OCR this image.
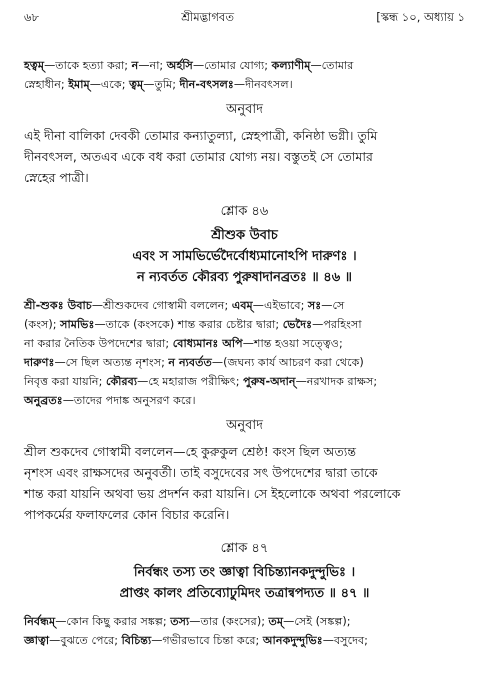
৬৮	শ্রীমদ্ভাগবত	[স্কন্ধ ১০, অধ্যায় ১

হত্বম্—তাকে হত্যা করা; ন—না; অর্হসি—তোমার যোগ্য; কল্যাণীম্—তোমার

স্নেহাধীন; ইমাম্—একে; ত্বম্—তুমি; দীন-বৎসলঃ—দীনবৎসল।

অনুবাদ

এই দীনা বালিকা দেবকী তোমার কন্যাতুল্যা, স্নেহপাত্রী, কনিষ্ঠা ভগ্নী। তুমি

দীনবৎসল, অতএব একে বধ করা তোমার যোগ্য নয়। বস্তুতই সে তোমার

স্নেহের পাত্রী।

শ্লোক ৪৬

শ্রীশুক উবাচ

এবং স সামভির্ভেদৈর্বোধ্যমানোঽপি দারুণঃ ।

ন ন্যবর্তত কৌরব্য পুরুষাদানব্রতঃ ॥ ৪৬ ॥

শ্রী-শুকঃ উবাচ—শ্রীশুকদেব গোস্বামী বললেন; এবম্—এইভাবে; সঃ—সে

(কংস); সামভিঃ—তাকে (কংসকে) শান্ত করার চেষ্টার দ্বারা; ভেদৈঃ—পরহিংসা

না করার নৈতিক উপদেশের দ্বারা; বোধ্যমানঃ অপি—শান্ত হওয়া সত্ত্বেও;

দারুণঃ—সে ছিল অত্যন্ত নৃশংস; ন ন্যবর্তত—(জঘন্য কার্য আচরণ করা থেকে)

নিবৃত্ত করা যায়নি; কৌরব্য—হে মহারাজ পরীক্ষিৎ; পুরুষ-অদান্—নরখাদক রাক্ষস;

অনুব্রতঃ—তাদের পদাঙ্ক অনুসরণ করে।

অনুবাদ

শ্রীল শুকদেব গোস্বামী বললেন—হে কুরুকুল শ্রেষ্ঠ! কংস ছিল অত্যন্ত

নৃশংস এবং রাক্ষসদের অনুবর্তী। তাই বসুদেবের সৎ উপদেশের দ্বারা তাকে

শান্ত করা যায়নি অথবা ভয় প্রদর্শন করা যায়নি। সে ইহলোকে অথবা পরলোকে

পাপকর্মের ফলাফলের কোন বিচার করেনি।

শ্লোক ৪৭

নির্বন্ধং তস্য তং জ্ঞাত্বা বিচিন্ত্যানকদুন্দুভিঃ ।

প্রাপ্তং কালং প্রতিব্যোঢুমিদং তত্রান্বপদ্যত ॥ ৪৭ ॥

নির্বন্ধম্—কোন কিছু করার সঙ্কল্প; তস্য—তার (কংসের); তম্—সেই (সঙ্কল্প);

জ্ঞাত্বা—বুঝতে পেরে; বিচিন্ত্য—গভীরভাবে চিন্তা করে; আনকদুন্দুভিঃ—বসুদেব;
